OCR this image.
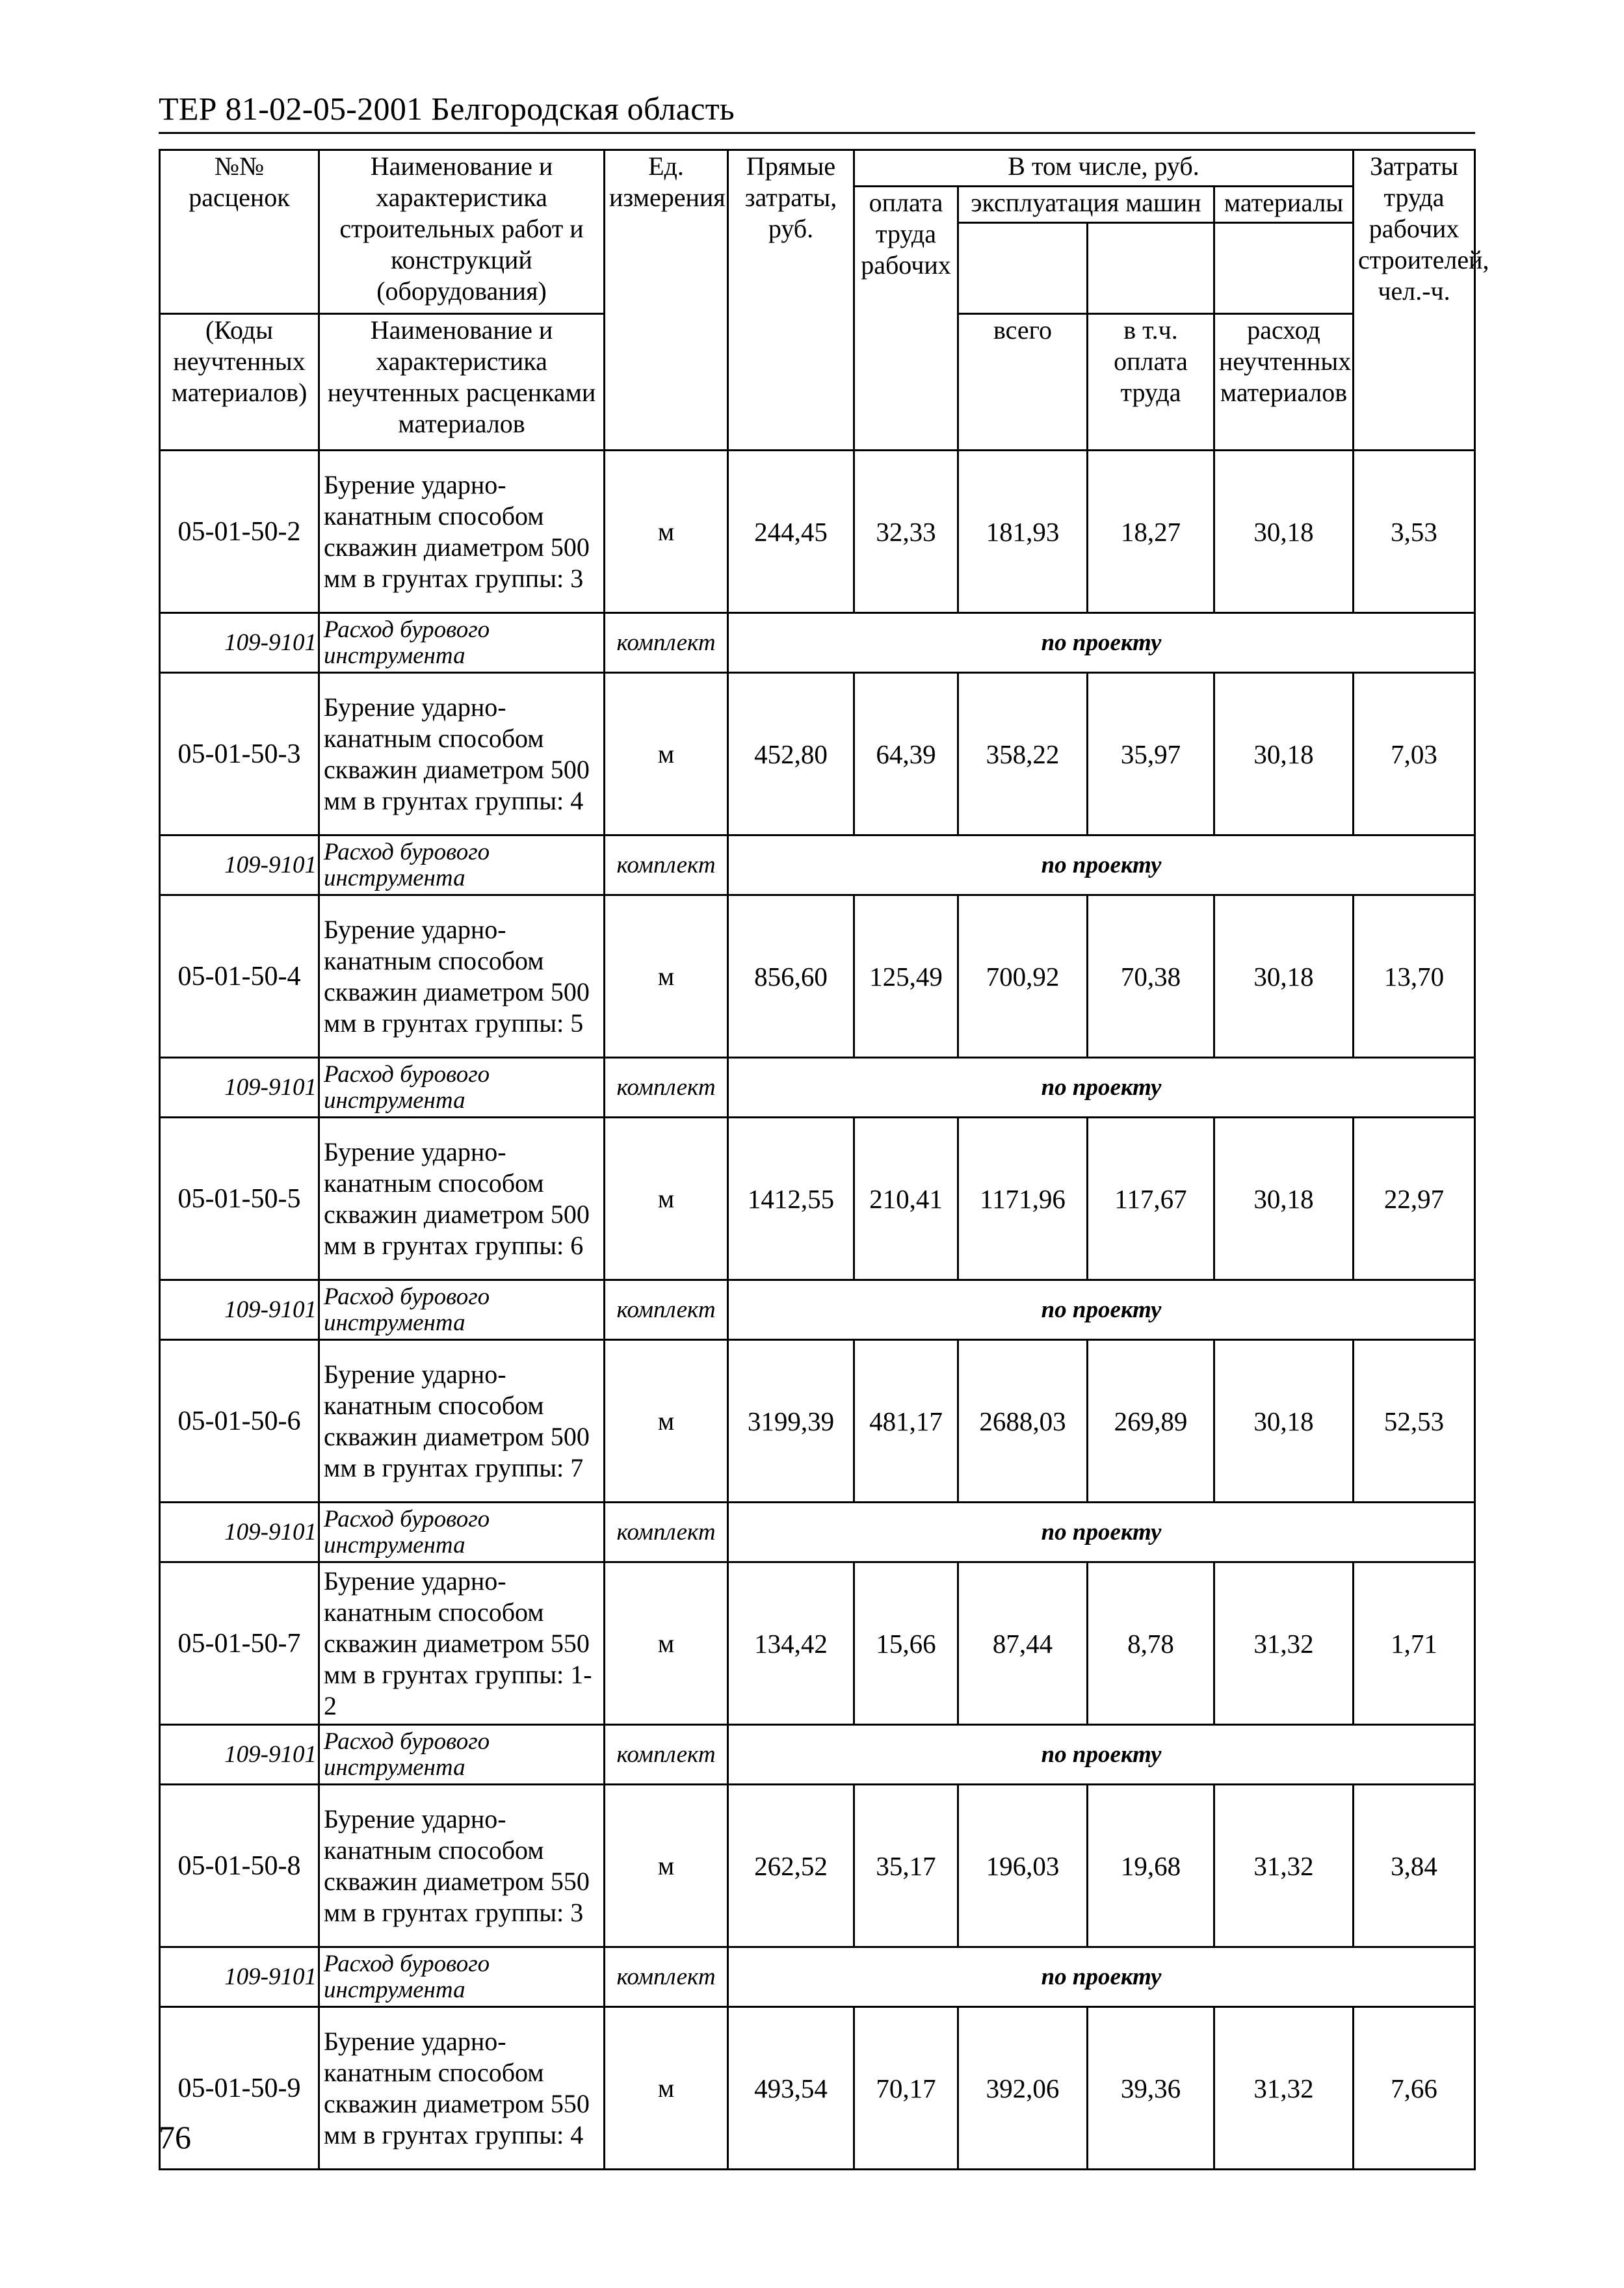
ТЕР 81-02-05-2001 Белгородская область
№№ расценок	Наименование и характеристика строительных работ и конструкций (оборудования)	Ед. измерения	Прямые затраты, руб.	В том числе, руб.				Затраты труда рабочих строителей, чел.-ч.
				оплата труда рабочих	эксплуатация машин		материалы	

(Коды неучтенных материалов)	Наименование и характеристика неучтенных расценками материалов				всего	в т.ч. оплата труда	расход неучтенных материалов	
05-01-50-2	Бурение ударно-канатным способом скважин диаметром 500 мм в грунтах группы: 3	м	244,45	32,33	181,93	18,27	30,18	3,53
109-9101	Расход бурового инструмента	комплект	по проекту					
05-01-50-3	Бурение ударно-канатным способом скважин диаметром 500 мм в грунтах группы: 4	м	452,80	64,39	358,22	35,97	30,18	7,03
109-9101	Расход бурового инструмента	комплект	по проекту					
05-01-50-4	Бурение ударно-канатным способом скважин диаметром 500 мм в грунтах группы: 5	м	856,60	125,49	700,92	70,38	30,18	13,70
109-9101	Расход бурового инструмента	комплект	по проекту					
05-01-50-5	Бурение ударно-канатным способом скважин диаметром 500 мм в грунтах группы: 6	м	1412,55	210,41	1171,96	117,67	30,18	22,97
109-9101	Расход бурового инструмента	комплект	по проекту					
05-01-50-6	Бурение ударно-канатным способом скважин диаметром 500 мм в грунтах группы: 7	м	3199,39	481,17	2688,03	269,89	30,18	52,53
109-9101	Расход бурового инструмента	комплект	по проекту					
05-01-50-7	Бурение ударно-канатным способом скважин диаметром 550 мм в грунтах группы: 1-2	м	134,42	15,66	87,44	8,78	31,32	1,71
109-9101	Расход бурового инструмента	комплект	по проекту					
05-01-50-8	Бурение ударно-канатным способом скважин диаметром 550 мм в грунтах группы: 3	м	262,52	35,17	196,03	19,68	31,32	3,84
109-9101	Расход бурового инструмента	комплект	по проекту					
05-01-50-9	Бурение ударно-канатным способом скважин диаметром 550 мм в грунтах группы: 4	м	493,54	70,17	392,06	39,36	31,32	7,66
76
